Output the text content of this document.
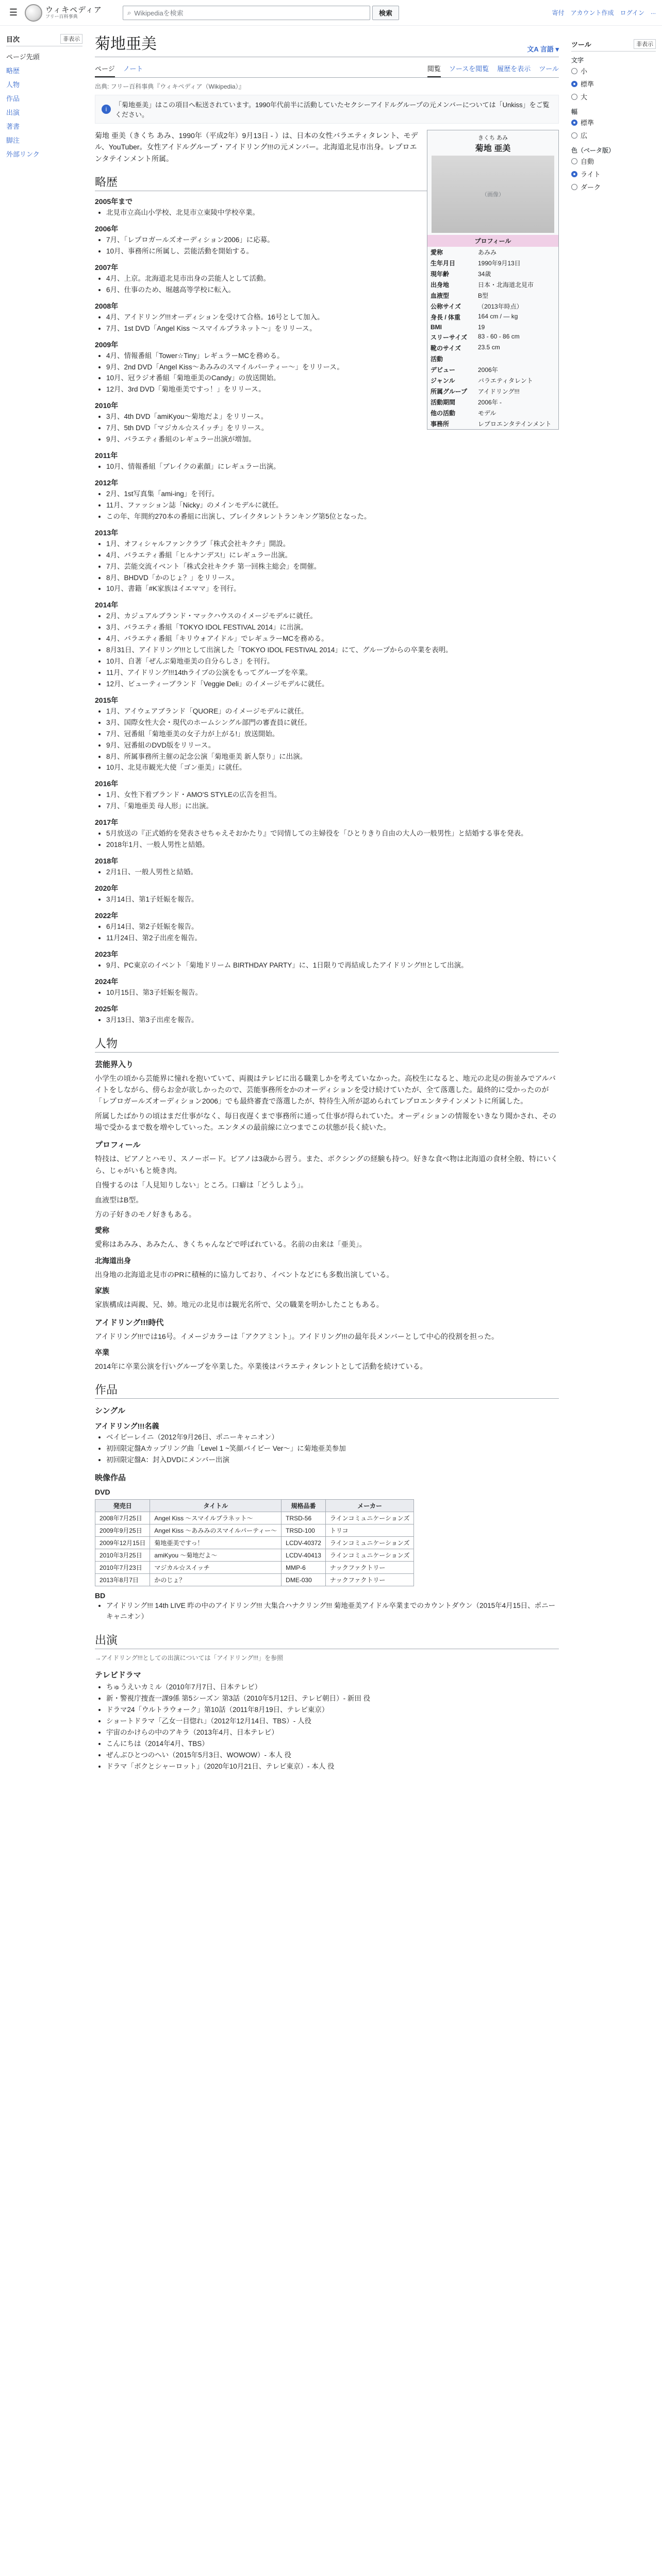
☰	ウィキペディア
フリー百科事典
⌕ Wikipediaを検索	検索	寄付 アカウント作成 ログイン ...
目次	非表示
ページ先頭
略歴
人物
作品
出演
著書
脚注
外部リンク
菊地亜美	文A 言語 ▾
ページ ノート	閲覧 ソースを閲覧 履歴を表示 ツール
出典: フリー百科事典『ウィキペディア（Wikipedia）』
i
「菊地亜美」はこの項目へ転送されています。1990年代前半に活動していたセクシーアイドルグループの元メンバーについては「Unkiss」をご覧ください。
きくち あみ
菊地 亜美
（画像）
プロフィール
愛称	あみみ
生年月日	1990年9月13日
現年齢	34歳
出身地	日本・北海道北見市
血液型	B型
公称サイズ	（2013年時点）
身長 / 体重	164 cm / ― kg
BMI	19
スリーサイズ	83 - 60 - 86 cm
靴のサイズ	23.5 cm
活動	
デビュー	2006年
ジャンル	バラエティタレント
所属グループ	アイドリング!!!
活動期間	2006年 -
他の活動	モデル
事務所	レプロエンタテインメント

菊地 亜美（きくち あみ、1990年（平成2年）9月13日 - ）は、日本の女性バラエティタレント、モデル、YouTuber。女性アイドルグループ・アイドリング!!!の元メンバー。北海道北見市出身。レプロエンタテインメント所属。

略歴
2005年まで
• 北見市立高山小学校、北見市立東陵中学校卒業。
2006年
• 7月、「レプロガールズオーディション2006」に応募。
• 10月、事務所に所属し、芸能活動を開始する。
2007年
• 4月、上京。北海道北見市出身の芸能人として活動。
• 6月、仕事のため、堀越高等学校に転入。
2008年
• 4月、アイドリング!!!オーディションを受けて合格。16号として加入。
• 7月、1st DVD「Angel Kiss ～スマイルプラネット～」をリリース。
2009年
• 4月、情報番組「Tower☆Tiny」レギュラーMCを務める。
• 9月、2nd DVD「Angel Kiss～あみみのスマイルパーティー～」をリリース。
• 10月、冠ラジオ番組「菊地亜美のCandy」の放送開始。
• 12月、3rd DVD「菊地亜美ですっ！」をリリース。
2010年
• 3月、4th DVD「amiKyou～菊地だよ」をリリース。
• 7月、5th DVD「マジカル☆スイッチ」をリリース。
• 9月、バラエティ番組のレギュラー出演が増加。
2011年
• 10月、情報番組「ブレイクの素顔」にレギュラー出演。
2012年
• 2月、1st写真集「ami-ing」を刊行。
• 11月、ファッション誌「Nicky」のメインモデルに就任。
• この年、年間約270本の番組に出演し、ブレイクタレントランキング第5位となった。
2013年
• 1月、オフィシャルファンクラブ「株式会社キクチ」開設。
• 4月、バラエティ番組「ヒルナンデス!」にレギュラー出演。
• 7月、芸能交流イベント「株式会社キクチ 第一回株主総会」を開催。
• 8月、BHDVD「かのじょ？」をリリース。
• 10月、書籍「#K家族はイエママ」を刊行。
2014年
• 2月、カジュアルブランド・マックハウスのイメージモデルに就任。
• 3月、バラエティ番組「TOKYO IDOL FESTIVAL 2014」に出演。
• 4月、バラエティ番組「キリウォアイドル」でレギュラーMCを務める。
• 8月31日、アイドリング!!!として出演した「TOKYO IDOL FESTIVAL 2014」にて、グループからの卒業を表明。
• 10月、自著「ぜんぶ菊地亜美の自分らしさ」を刊行。
• 11月、アイドリング!!!14thライブの公演をもってグループを卒業。
• 12月、ビューティーブランド「Veggie Deli」のイメージモデルに就任。
2015年
• 1月、アイウェアブランド「QUORE」のイメージモデルに就任。
• 3月、国際女性大会・現代のホームシングル部門の審査員に就任。
• 7月、冠番組「菊地亜美の女子力が上がる!」放送開始。
• 9月、冠番組のDVD版をリリース。
• 8月、所属事務所主催の記念公演「菊地亜美 新人祭り」に出演。
• 10月、北見市観光大使「ゴン亜美」に就任。
2016年
• 1月、女性下着ブランド・AMO'S STYLEの広告を担当。
• 7月、「菊地亜美 母人形」に出演。
2017年
• 5月放送の『正式婚約を発表させちゃえそおかたり』で同情しての主婦役を「ひとりきり自由の大人の一般男性」と結婚する事を発表。
• 2018年1月、一般人男性と結婚。
2018年
• 2月1日、一般人男性と結婚。
2020年
• 3月14日、第1子妊娠を報告。
2022年
• 6月14日、第2子妊娠を報告。
• 11月24日、第2子出産を報告。
2023年
• 9月、PC東京のイベント「菊地ドリーム BIRTHDAY PARTY」に、1日限りで再結成したアイドリング!!!として出演。
2024年
• 10月15日、第3子妊娠を報告。
2025年
• 3月13日、第3子出産を報告。
人物
芸能界入り

小学生の頃から芸能界に憧れを抱いていて、両親はテレビに出る職業しかを考えていなかった。高校生になると、地元の北見の街並みでアルバイトをしながら、傍らお金が欲しかったので、芸能事務所をかのオーディションを受け続けていたが、全て落選した。最終的に受かったのが「レプロガールズオーディション2006」でも最終審査で落選したが、特待生入所が認められてレプロエンタテインメントに所属した。

所属したばかりの頃はまだ仕事がなく、毎日夜遅くまで事務所に通って仕事が得られていた。オーディションの情報をいきなり聞かされ、その場で受かるまで数を増やしていった。エンタメの最前線に立つまでこの状態が長く続いた。

プロフィール

特技は、ピアノとハモリ、スノーボード。ピアノは3歳から習う。また、ボクシングの経験も持つ。好きな食べ物は北海道の食材全般、特にいくら、じゃがいもと焼き肉。

自慢するのは「人見知りしない」ところ。口癖は「どうしよう」。

血液型はB型。

方の子好きのモノ好きもある。

愛称

愛称はあみみ、あみたん、きくちゃんなどで呼ばれている。名前の由来は「亜美」。

北海道出身

出身地の北海道北見市のPRに積極的に協力しており、イベントなどにも多数出演している。

家族

家族構成は両親、兄、姉。地元の北見市は観光名所で、父の職業を明かしたこともある。

アイドリング!!!時代

アイドリング!!!では16号。イメージカラーは「アクアミント」。アイドリング!!!の最年長メンバーとして中心的役割を担った。

卒業

2014年に卒業公演を行いグループを卒業した。卒業後はバラエティタレントとして活動を続けている。

作品
シングル
アイドリング!!!名義
• ベイビーレイニ（2012年9月26日、ポニーキャニオン）
• 初回限定盤Aカップリング曲「Level 1 ~笑顔バイビー Ver～」に菊地亜美参加
• 初回限定盤A：封入DVDにメンバー出演
映像作品
DVD
発売日	タイトル	規格品番	メーカー
2008年7月25日	Angel Kiss ～スマイルプラネット～	TRSD-56	ラインコミュニケーションズ
2009年9月25日	Angel Kiss ～あみみのスマイルパーティー～	TRSD-100	トリコ
2009年12月15日	菊地亜美ですっ！	LCDV-40372	ラインコミュニケーションズ
2010年3月25日	amiKyou ～菊地だよ～	LCDV-40413	ラインコミュニケーションズ
2010年7月23日	マジカル☆スイッチ	MMP-6	ナックファクトリー
2013年8月7日	かのじょ？	DME-030	ナックファクトリー
BD
• アイドリング!!! 14th LIVE 昨の中のアイドリング!!! 大集合ハナクリング!!! 菊地亜美アイドル卒業までのカウントダウン（2015年4月15日、ポニーキャニオン）
出演

→アイドリング!!!としての出演については「アイドリング!!!」を参照

テレビドラマ
• ちゅうえいカミル（2010年7月7日、日本テレビ）
• 新・警視庁捜査一課9係 第5シーズン 第3話（2010年5月12日、テレビ朝日）- 新田 役
• ドラマ24「ウルトラウォーク」第10話（2011年8月19日、テレビ東京）
• ショートドラマ「乙女一目惚れ」（2012年12月14日、TBS）- 人役
• 宇宙のかけらの中のアキラ（2013年4月、日本テレビ）
• こんにちは（2014年4月、TBS）
• ぜんぶひとつのへい（2015年5月3日、WOWOW）- 本人 役
• ドラマ「ボクとシャーロット」（2020年10月21日、テレビ東京）- 本人 役
ツール	非表示
文字
小
標準
大
幅
標準
広
色（ベータ版）
自動
ライト
ダーク
